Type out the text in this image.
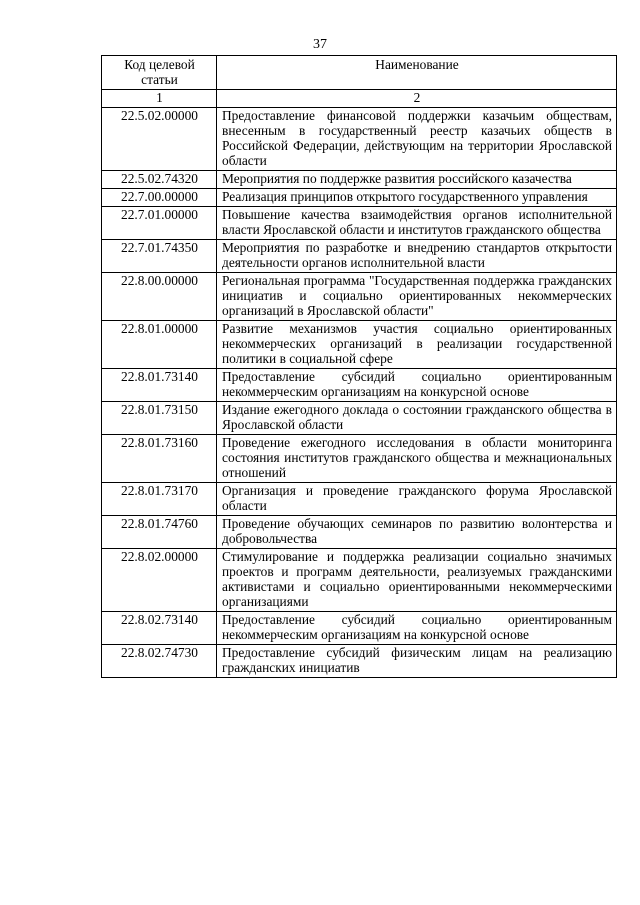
37
Код целевой статьи	Наименование
1	2
22.5.02.00000	Предоставление финансовой поддержки казачьим обществам, внесенным в государственный реестр казачьих обществ в Российской Федерации, действующим на территории Ярославской области
22.5.02.74320	Мероприятия по поддержке развития российского казачества
22.7.00.00000	Реализация принципов открытого государственного управления
22.7.01.00000	Повышение качества взаимодействия органов исполнительной власти Ярославской области и институтов гражданского общества
22.7.01.74350	Мероприятия по разработке и внедрению стандартов открытости деятельности органов исполнительной власти
22.8.00.00000	Региональная программа "Государственная поддержка гражданских инициатив и социально ориентированных некоммерческих организаций в Ярославской области"
22.8.01.00000	Развитие механизмов участия социально ориентированных некоммерческих организаций в реализации государственной политики в социальной сфере
22.8.01.73140	Предоставление субсидий социально ориентированным некоммерческим организациям на конкурсной основе
22.8.01.73150	Издание ежегодного доклада о состоянии гражданского общества в Ярославской области
22.8.01.73160	Проведение ежегодного исследования в области мониторинга состояния институтов гражданского общества и межнациональных отношений
22.8.01.73170	Организация и проведение гражданского форума Ярославской области
22.8.01.74760	Проведение обучающих семинаров по развитию волонтерства и добровольчества
22.8.02.00000	Стимулирование и поддержка реализации социально значимых проектов и программ деятельности, реализуемых гражданскими активистами и социально ориентированными некоммерческими организациями
22.8.02.73140	Предоставление субсидий социально ориентированным некоммерческим организациям на конкурсной основе
22.8.02.74730	Предоставление субсидий физическим лицам на реализацию гражданских инициатив
